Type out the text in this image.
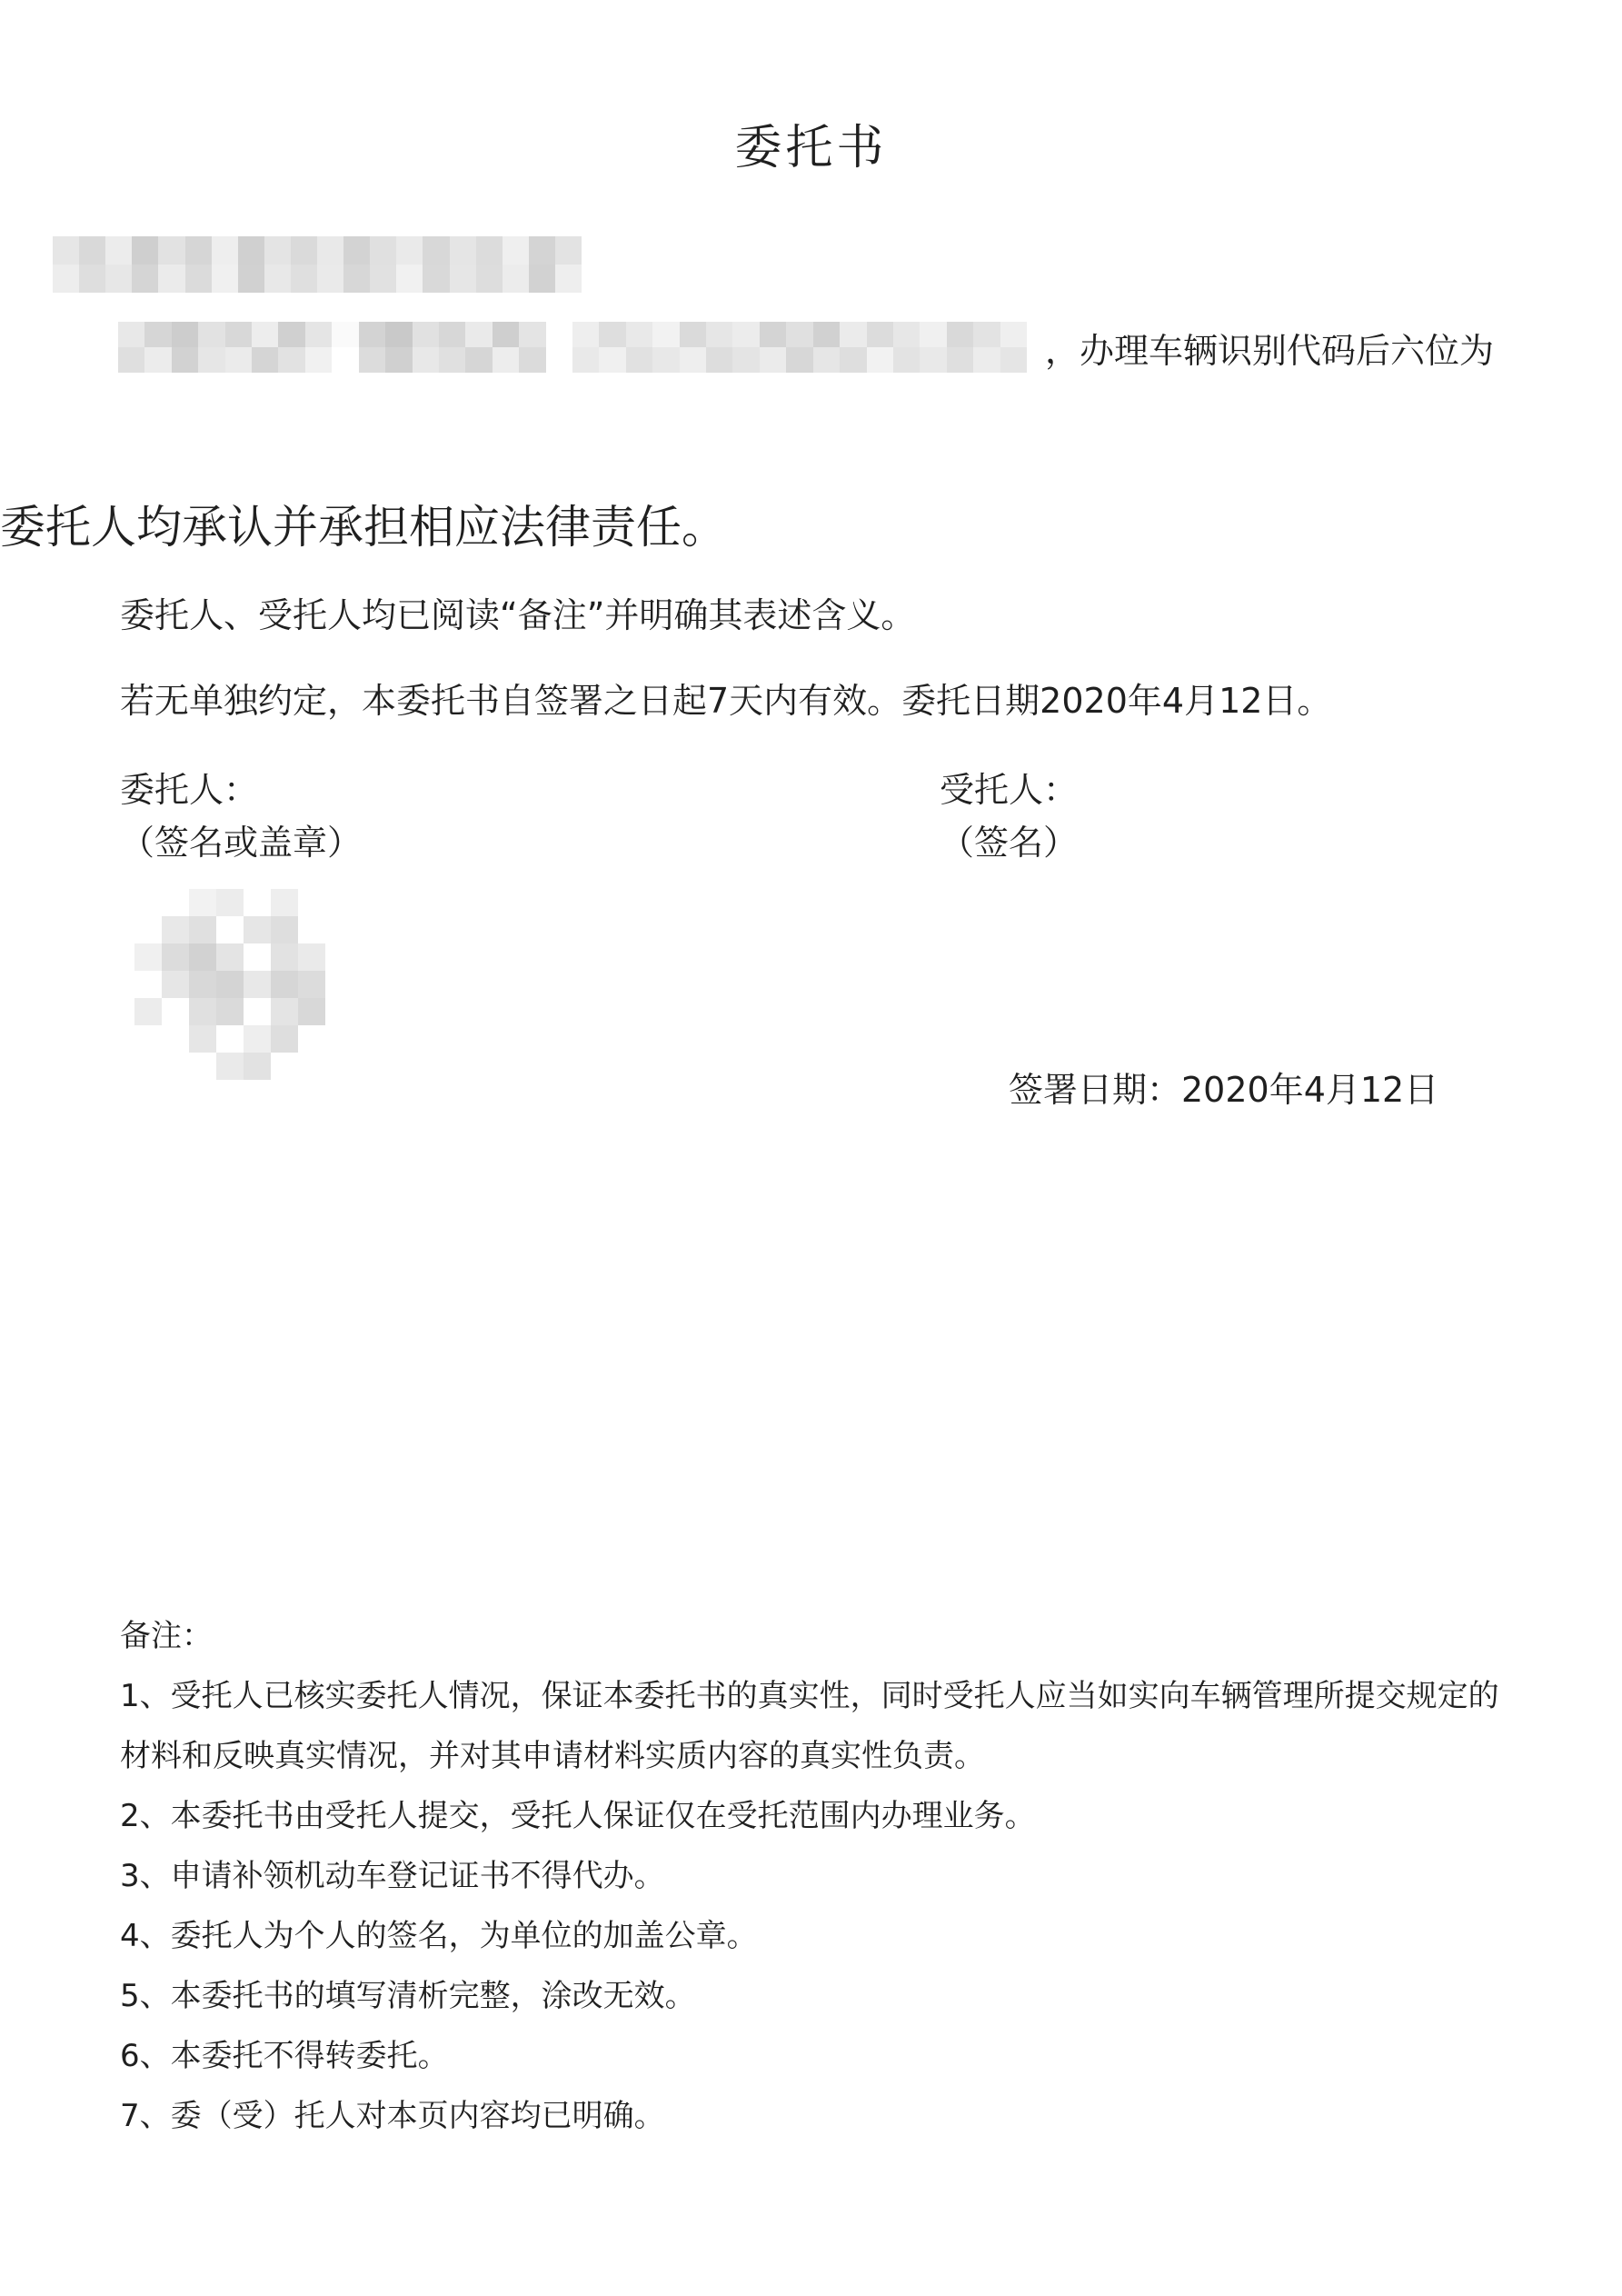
委托书
，办理车辆识别代码后六位为
委托人均承认并承担相应法律责任。
委托人、受托人均已阅读“备注”并明确其表述含义。
若无单独约定，本委托书自签署之日起7天内有效。委托日期2020年4月12日。
委托人：
（签名或盖章）
受托人：
（签名）
签署日期：2020年4月12日
备注：
1、受托人已核实委托人情况，保证本委托书的真实性，同时受托人应当如实向车辆管理所提交规定的
材料和反映真实情况，并对其申请材料实质内容的真实性负责。
2、本委托书由受托人提交，受托人保证仅在受托范围内办理业务。
3、申请补领机动车登记证书不得代办。
4、委托人为个人的签名，为单位的加盖公章。
5、本委托书的填写清析完整，涂改无效。
6、本委托不得转委托。
7、委（受）托人对本页内容均已明确。
